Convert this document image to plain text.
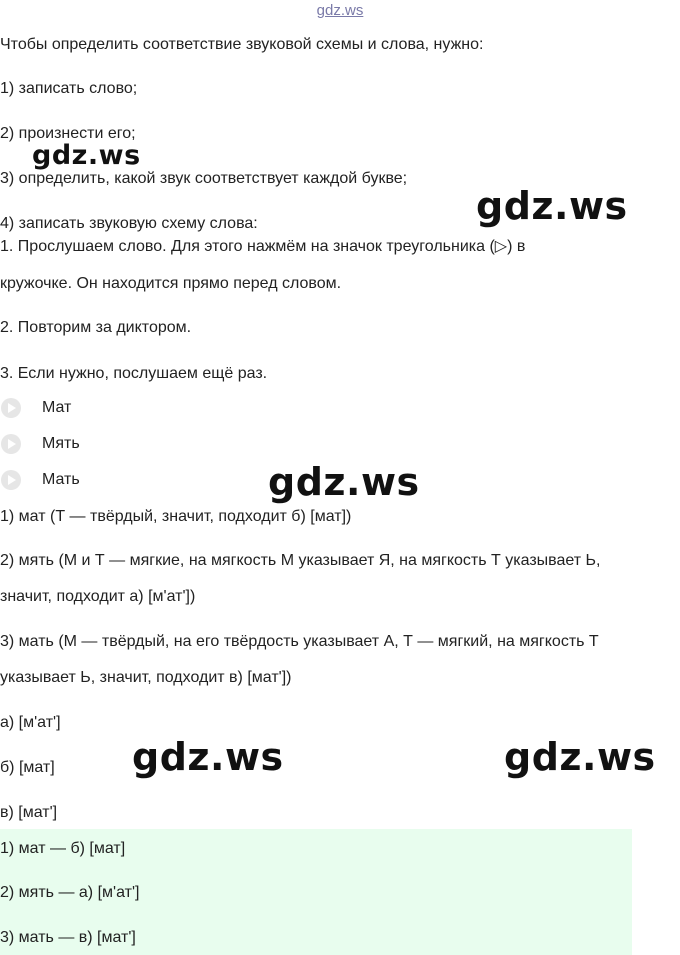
gdz.ws
Чтобы определить соответствие звуковой схемы и слова, нужно:
1) записать слово;
2) произнести его;
3) определить, какой звук соответствует каждой букве;
4) записать звуковую схему слова:
1. Прослушаем слово. Для этого нажмём на значок треугольника (▷) в
кружочке. Он находится прямо перед словом.
2. Повторим за диктором.
3. Если нужно, послушаем ещё раз.
Мат
Мять
Мать
1) мат (Т — твёрдый, значит, подходит б) [мат])
2) мять (М и Т — мягкие, на мягкость М указывает Я, на мягкость Т указывает Ь,
значит, подходит а) [м'ат'])
3) мать (М — твёрдый, на его твёрдость указывает А, Т — мягкий, на мягкость Т
указывает Ь, значит, подходит в) [мат'])
а) [м'ат']
б) [мат]
в) [мат']
1) мат — б) [мат]
2) мять — а) [м'ат']
3) мать — в) [мат']
gdz.ws
gdz.ws
gdz.ws
gdz.ws	gdz.ws
